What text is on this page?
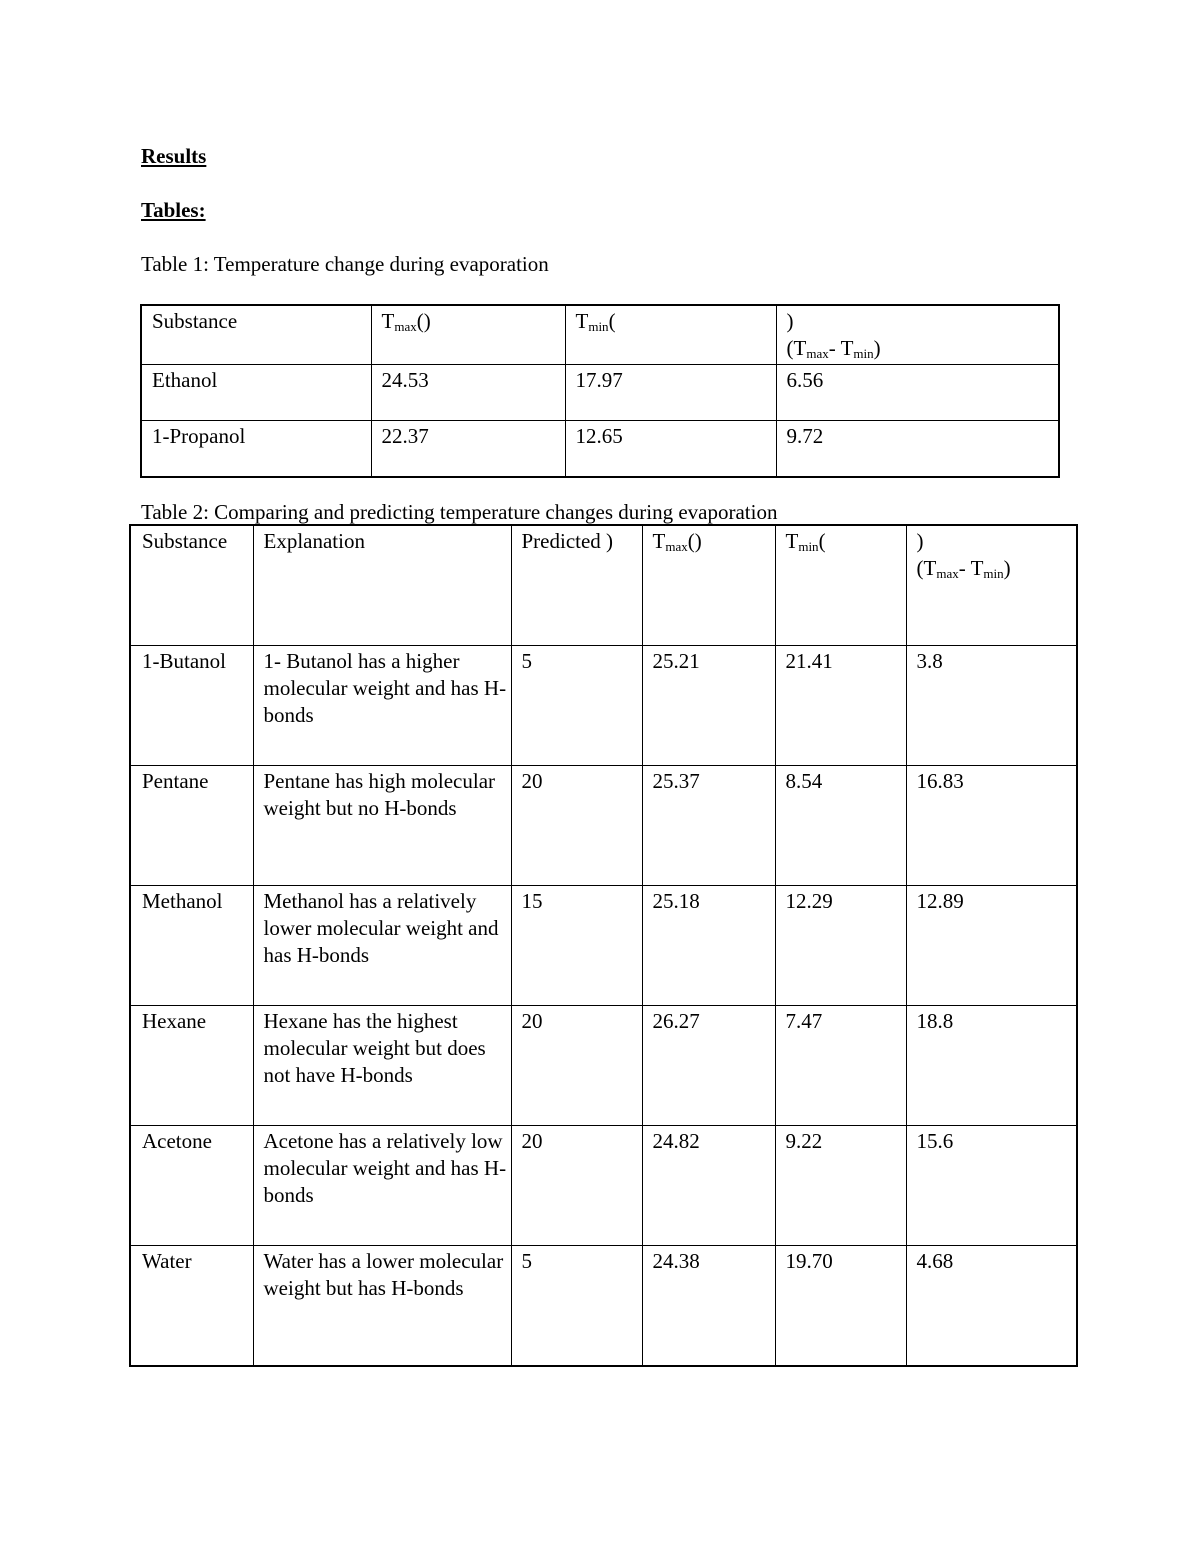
Results
Tables:

Table 1: Temperature change during evaporation

Substance	$T_{max}()$	$T_{min}$(	)
($T_{max}-$ $T_{min}$)

Ethanol	24.53	17.97	6.56
1-Propanol	22.37	12.65	9.72

Table 2: Comparing and predicting temperature changes during evaporation

Substance	Explanation	Predicted )	$T_{max}()$	$T_{min}$(	)
($T_{max}-$ $T_{min}$)

1-Butanol	1- Butanol has a higher molecular weight and has H-bonds	5	25.21	21.41	3.8
Pentane	Pentane has high molecular weight but no H-bonds	20	25.37	8.54	16.83
Methanol	Methanol has a relatively lower molecular weight and has H-bonds	15	25.18	12.29	12.89
Hexane	Hexane has the highest molecular weight but does not have H-bonds	20	26.27	7.47	18.8
Acetone	Acetone has a relatively low molecular weight and has H-bonds	20	24.82	9.22	15.6
Water	Water has a lower molecular weight but has H-bonds	5	24.38	19.70	4.68
